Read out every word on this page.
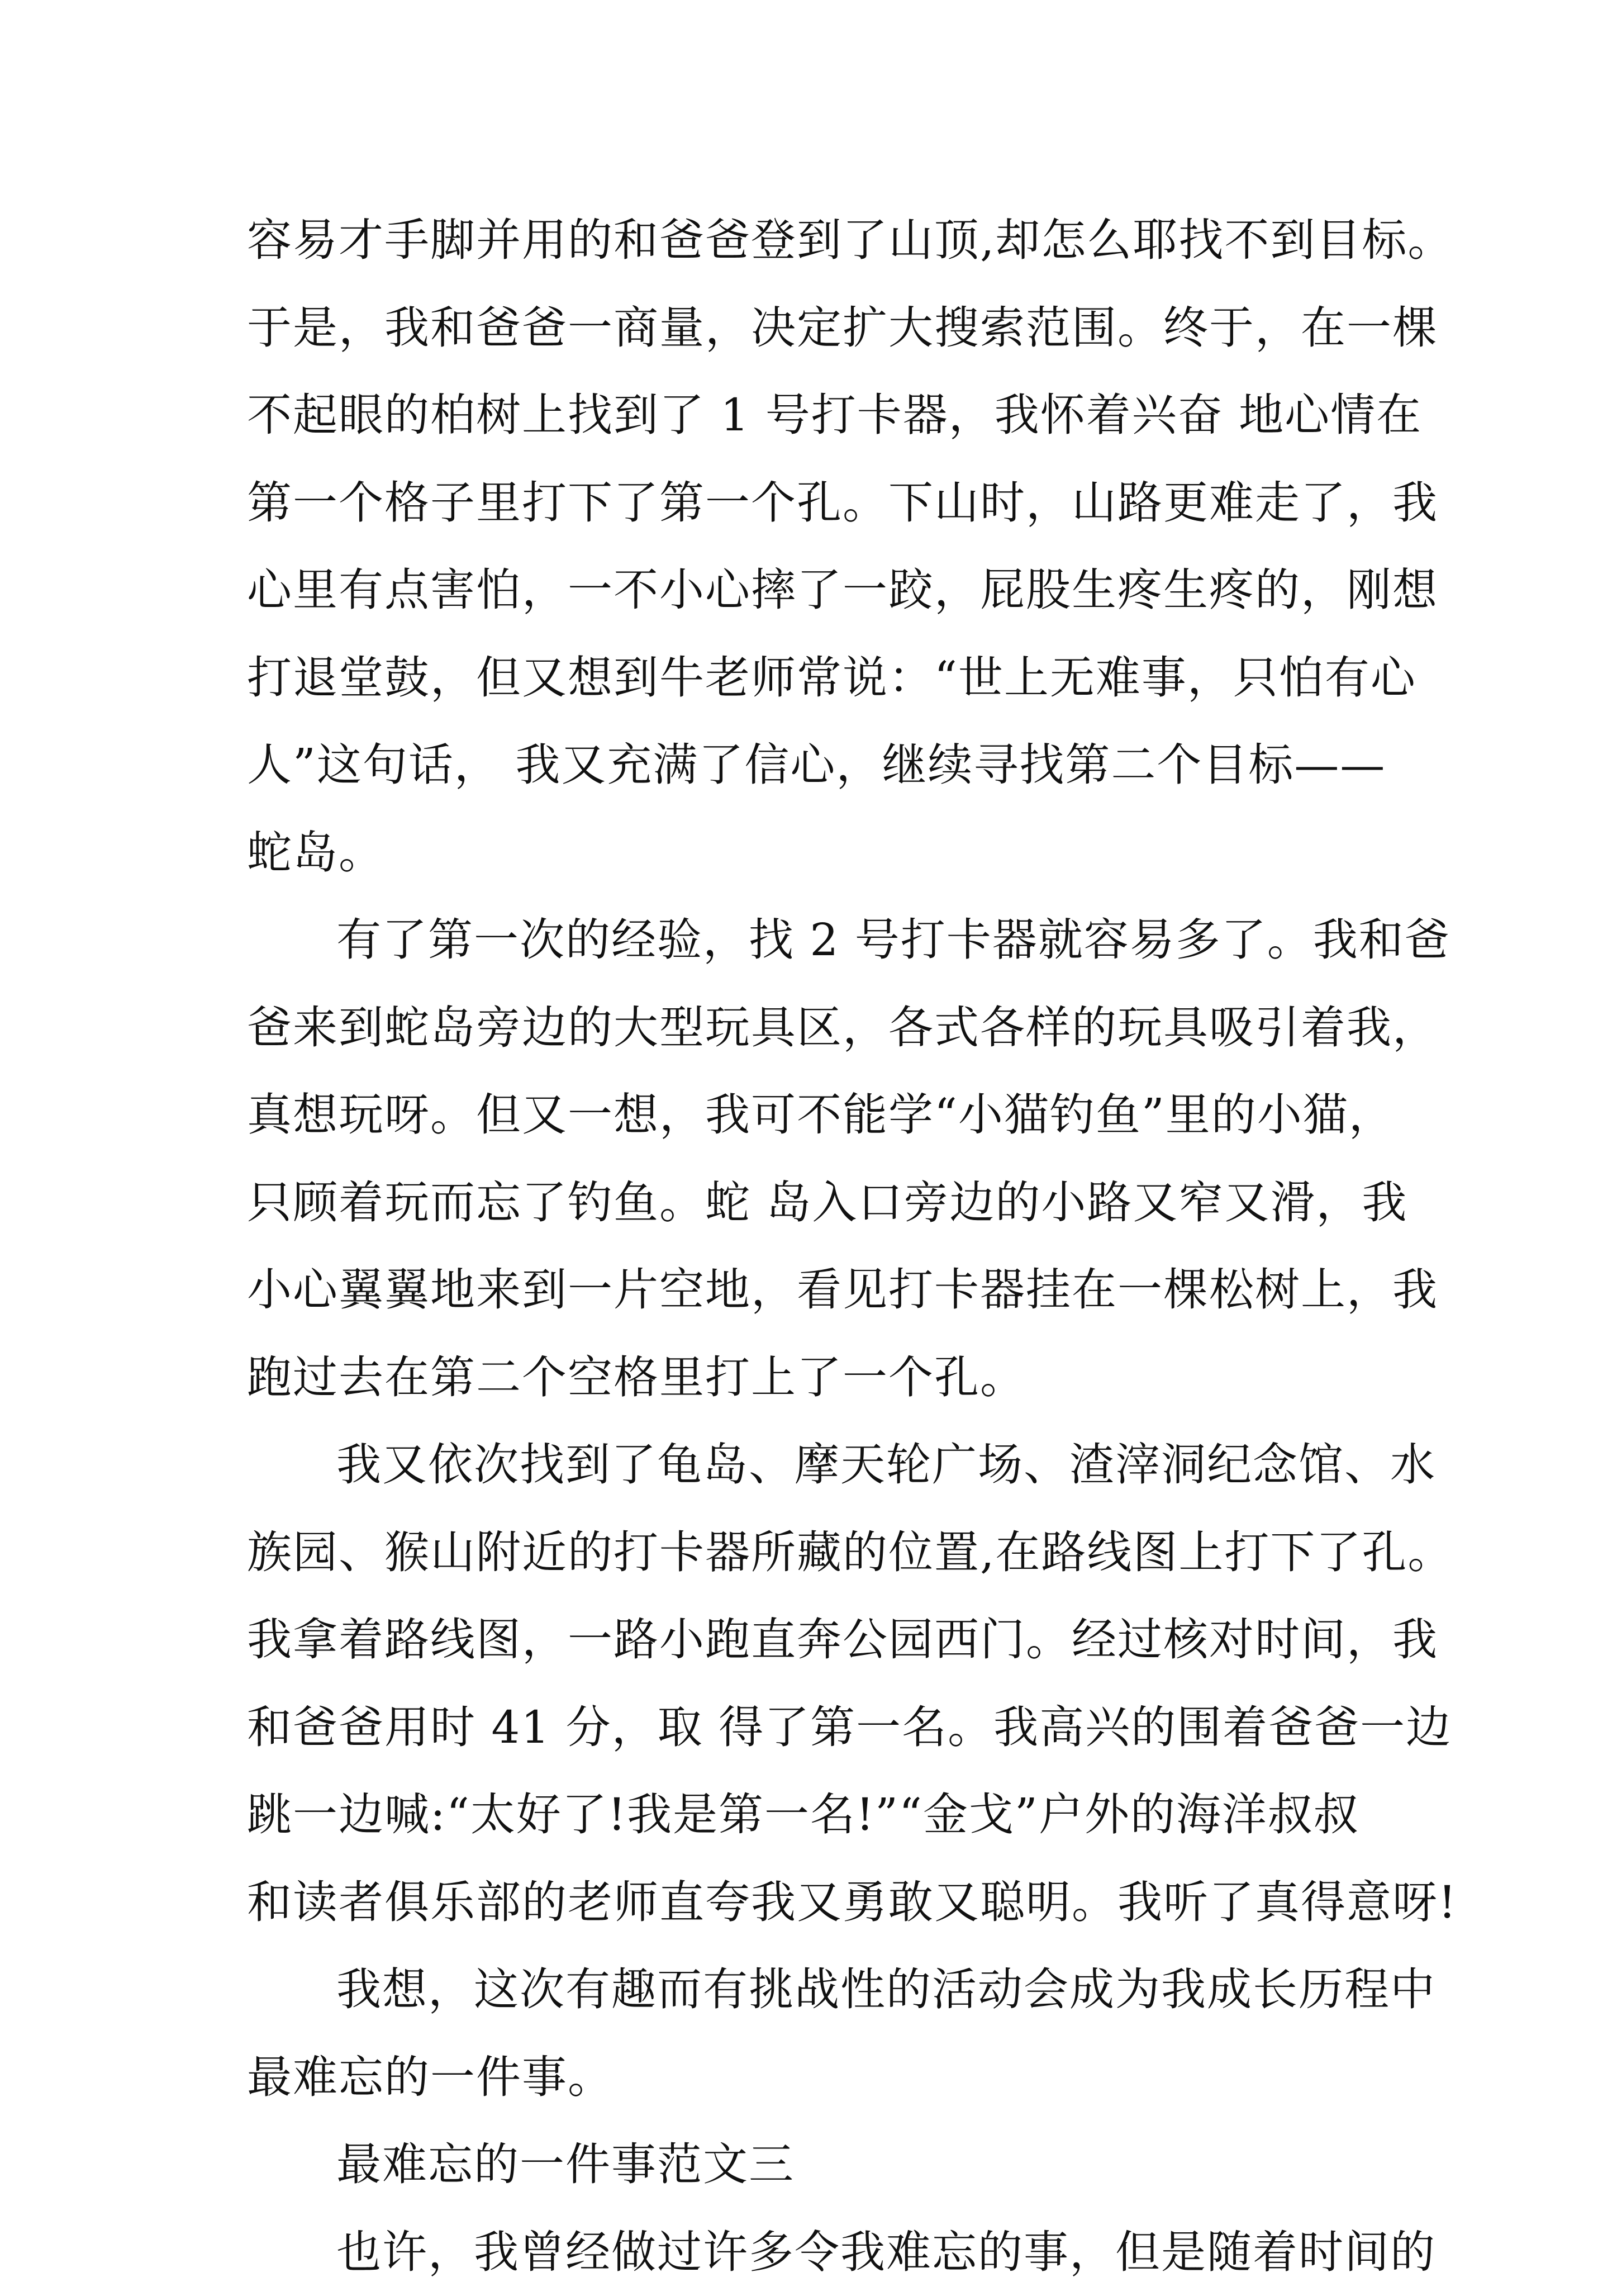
容易才手脚并用的和爸爸登到了山顶,却怎么耶找不到目标。
于是，我和爸爸一商量，决定扩大搜索范围。终于，在一棵
不起眼的柏树上找到了 1 号打卡器，我怀着兴奋 地心情在
第一个格子里打下了第一个孔。下山时，山路更难走了，我
心里有点害怕，一不小心摔了一跤，屁股生疼生疼的，刚想
打退堂鼓，但又想到牛老师常说：“世上无难事，只怕有心
人”这句话， 我又充满了信心，继续寻找第二个目标——
蛇岛。
有了第一次的经验，找 2 号打卡器就容易多了。我和爸
爸来到蛇岛旁边的大型玩具区，各式各样的玩具吸引着我，
真想玩呀。但又一想，我可不能学“小猫钓鱼”里的小猫，
只顾着玩而忘了钓鱼。蛇 岛入口旁边的小路又窄又滑，我
小心翼翼地来到一片空地，看见打卡器挂在一棵松树上，我
跑过去在第二个空格里打上了一个孔。
我又依次找到了龟岛、摩天轮广场、渣滓洞纪念馆、水
族园、猴山附近的打卡器所藏的位置,在路线图上打下了孔。
我拿着路线图，一路小跑直奔公园西门。经过核对时间，我
和爸爸用时 41 分，取 得了第一名。我高兴的围着爸爸一边
跳一边喊:“太好了!我是第一名!”“金戈”户外的海洋叔叔
和读者俱乐部的老师直夸我又勇敢又聪明。我听了真得意呀!
我想，这次有趣而有挑战性的活动会成为我成长历程中
最难忘的一件事。
最难忘的一件事范文三
也许，我曾经做过许多令我难忘的事，但是随着时间的
